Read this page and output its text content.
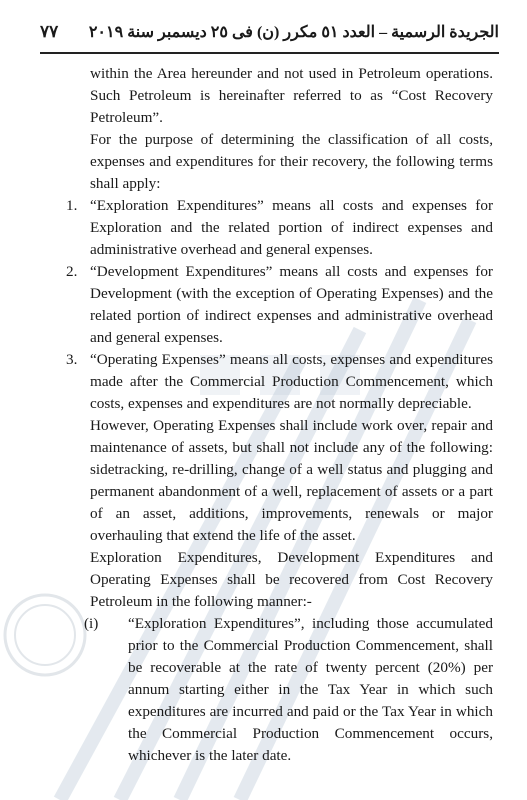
٧٧ الجريدة الرسمية – العدد ٥١ مكرر (ن) فى ٢٥ ديسمبر سنة ٢٠١٩

within the Area hereunder and not used in Petroleum operations. Such Petroleum is hereinafter referred to as “Cost Recovery Petroleum”.

For the purpose of determining the classification of all costs, expenses and expenditures for their recovery, the following terms shall apply:

1. “Exploration Expenditures” means all costs and expenses for Exploration and the related portion of indirect expenses and administrative overhead and general expenses.
2. “Development Expenditures” means all costs and expenses for Development (with the exception of Operating Expenses) and the related portion of indirect expenses and administrative overhead and general expenses.
3. “Operating Expenses” means all costs, expenses and expenditures made after the Commercial Production Commencement, which costs, expenses and expenditures are not normally depreciable.

However, Operating Expenses shall include work over, repair and maintenance of assets, but shall not include any of the following: sidetracking, re-drilling, change of a well status and plugging and permanent abandonment of a well, replacement of assets or a part of an asset, additions, improvements, renewals or major overhauling that extend the life of the asset.

Exploration Expenditures, Development Expenditures and Operating Expenses shall be recovered from Cost Recovery Petroleum in the following manner:-

(i) “Exploration Expenditures”, including those accumulated prior to the Commercial Production Commencement, shall be recoverable at the rate of twenty percent (20%) per annum starting either in the Tax Year in which such expenditures are incurred and paid or the Tax Year in which the Commercial Production Commencement occurs, whichever is the later date.
